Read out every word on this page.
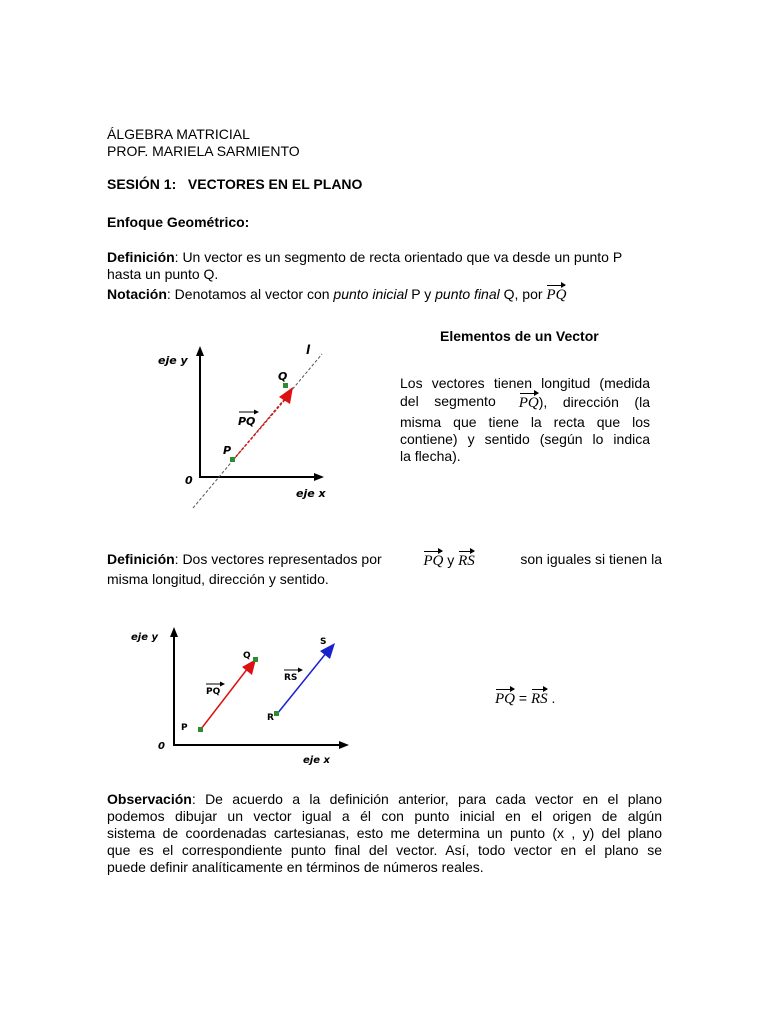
ÁLGEBRA MATRICIAL
PROF. MARIELA SARMIENTO
SESIÓN 1:   VECTORES EN EL PLANO
Enfoque Geométrico:
Definición: Un vector es un segmento de recta orientado que va desde un punto P
hasta un punto Q.
Notación: Denotamos al vector con punto inicial P y punto final Q, por PQ
eje y
eje x
0
l
Q
P
PQ
Elementos de un Vector
Los vectores tienen longitud (medida
del    segmento PQ),    dirección    (la
misma que tiene la recta que los
contiene) y sentido (según lo indica
la flecha).
Definición: Dos vectores representados por	PQ y RS	son iguales si tienen la
misma longitud, dirección y sentido.
eje y
eje x
0
P
Q
R
S
PQ
RS
PQ = RS .
Observación: De acuerdo a la definición anterior, para cada vector en el plano
podemos dibujar un vector igual a él con punto inicial en el origen de algún
sistema de coordenadas cartesianas, esto me determina un punto (x , y) del plano
que es el correspondiente punto final del vector. Así, todo vector en el plano se
puede definir analíticamente en términos de números reales.
